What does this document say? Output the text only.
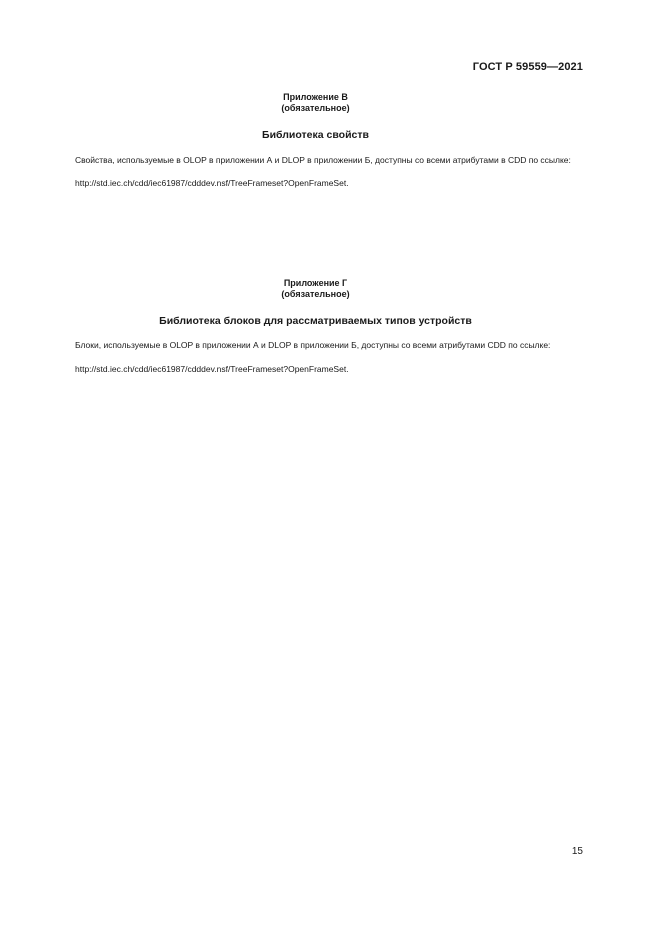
ГОСТ Р 59559—2021
Приложение В
(обязательное)
Библиотека свойств
Свойства, используемые в OLOP в приложении А и DLOP в приложении Б, доступны со всеми атрибутами в CDD по ссылке:
http://std.iec.ch/cdd/iec61987/cdddev.nsf/TreeFrameset?OpenFrameSet.
Приложение Г
(обязательное)
Библиотека блоков для рассматриваемых типов устройств
Блоки, используемые в OLOP в приложении А и DLOP в приложении Б, доступны со всеми атрибутами CDD по ссылке:
http://std.iec.ch/cdd/iec61987/cdddev.nsf/TreeFrameset?OpenFrameSet.
15
